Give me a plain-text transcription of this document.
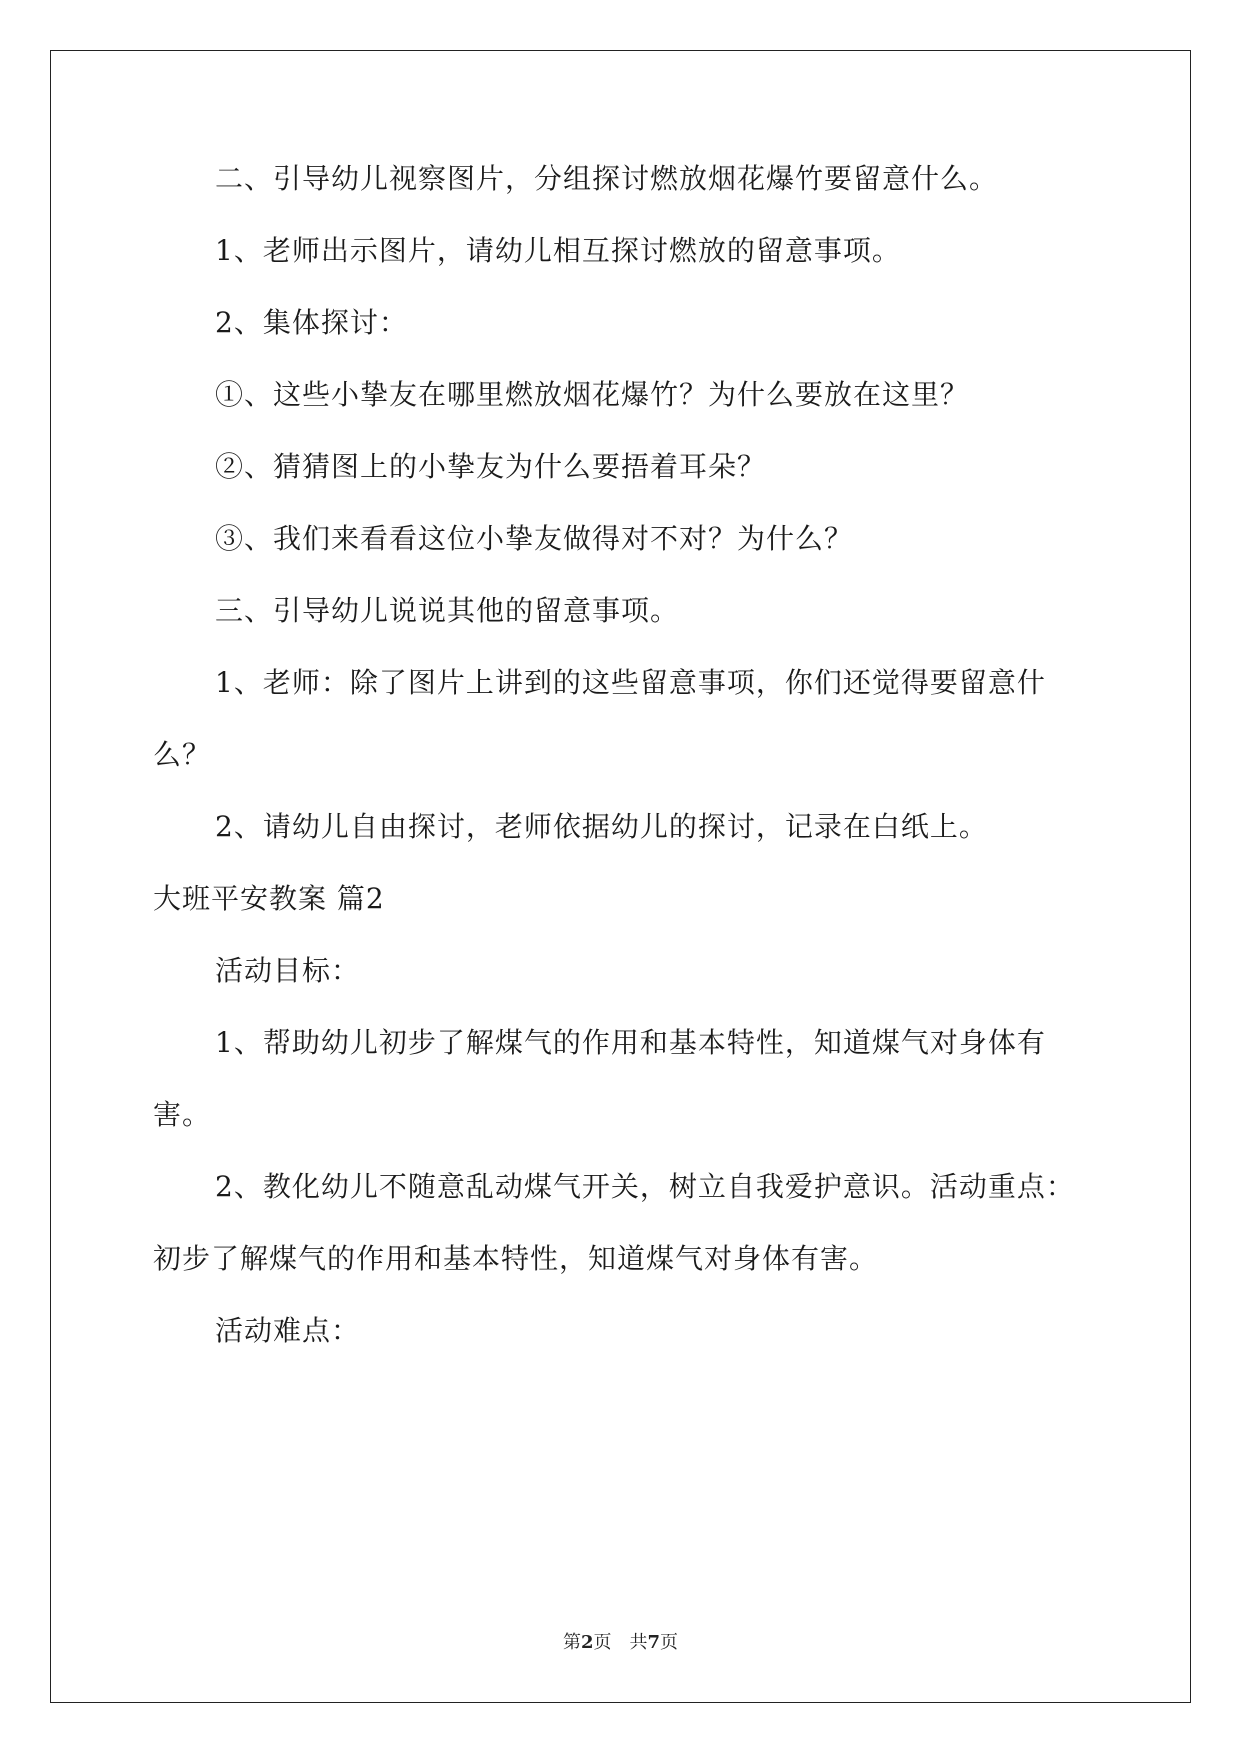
二、引导幼儿视察图片，分组探讨燃放烟花爆竹要留意什么。
1、老师出示图片，请幼儿相互探讨燃放的留意事项。
2、集体探讨：
①、这些小挚友在哪里燃放烟花爆竹？为什么要放在这里？
②、猜猜图上的小挚友为什么要捂着耳朵？
③、我们来看看这位小挚友做得对不对？为什么？
三、引导幼儿说说其他的留意事项。
1、老师：除了图片上讲到的这些留意事项，你们还觉得要留意什
么？
2、请幼儿自由探讨，老师依据幼儿的探讨，记录在白纸上。
大班平安教案 篇2
活动目标：
1、帮助幼儿初步了解煤气的作用和基本特性，知道煤气对身体有
害。
2、教化幼儿不随意乱动煤气开关，树立自我爱护意识。活动重点：
初步了解煤气的作用和基本特性，知道煤气对身体有害。
活动难点：
第2页 共7页
